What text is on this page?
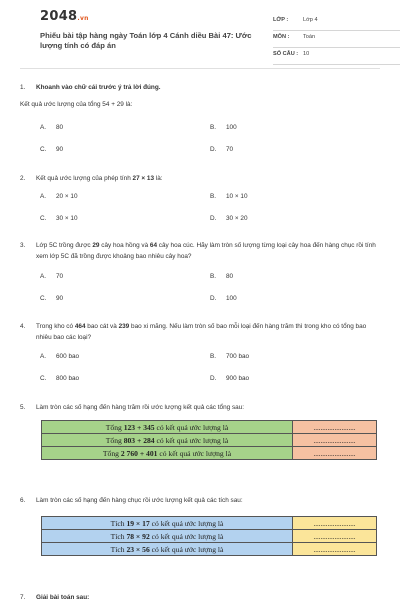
2048.vn
Phiếu bài tập hàng ngày Toán lớp 4 Cánh diều Bài 47: Ước lượng tính có đáp án
LỚP :	Lớp 4
MÔN : Toán
SỐ CÂU : 10
1. Khoanh vào chữ cái trước ý trả lời đúng.
Kết quả ước lượng của tổng 54 + 29 là:
A. 80	B. 100
C. 90	D. 70
2. Kết quả ước lượng của phép tính 27 × 13 là:
A. 20 × 10	B. 10 × 10
C. 30 × 10	D. 30 × 20
3. Lớp 5C trồng được 29 cây hoa hồng và 64 cây hoa cúc. Hãy làm tròn số lượng từng loại cây hoa đến hàng chục rồi tính xem lớp 5C đã trồng được khoảng bao nhiêu cây hoa?
A. 70	B. 80
C. 90	D. 100
4. Trong kho có 464 bao cát và 239 bao xi măng. Nếu làm tròn số bao mỗi loại đến hàng trăm thì trong kho có tổng bao nhiêu bao các loại?
A. 600 bao	B. 700 bao
C. 800 bao	D. 900 bao
5. Làm tròn các số hạng đến hàng trăm rồi ước lượng kết quả các tổng sau:
Tổng 123 + 345 có kết quả ước lượng là	........................
Tổng 803 + 284 có kết quả ước lượng là	........................
Tổng 2 760 + 401 có kết quả ước lượng là	........................
6. Làm tròn các số hạng đến hàng chục rồi ước lượng kết quả các tích sau:
Tích 19 × 17 có kết quả ước lượng là	........................
Tích 78 × 92 có kết quả ước lượng là	........................
Tích 23 × 56 có kết quả ước lượng là	........................
7. Giải bài toán sau:
